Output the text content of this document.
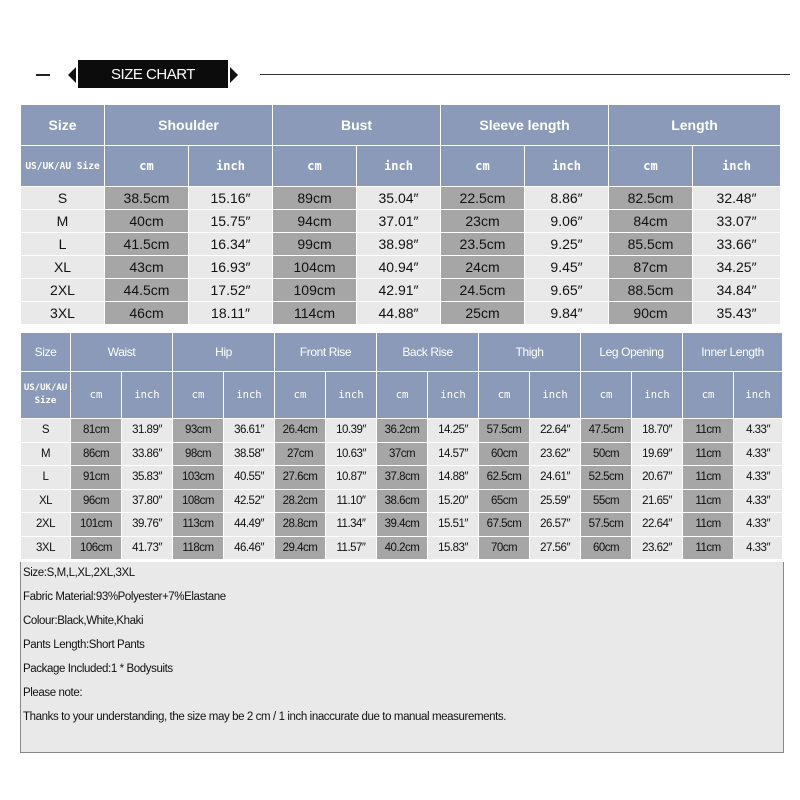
SIZE CHART
Size	Shoulder		Bust		Sleeve length		Length	
US/UK/AU Size	cm	inch	cm	inch	cm	inch	cm	inch
S	38.5cm	15.16″	89cm	35.04″	22.5cm	8.86″	82.5cm	32.48″
M	40cm	15.75″	94cm	37.01″	23cm	9.06″	84cm	33.07″
L	41.5cm	16.34″	99cm	38.98″	23.5cm	9.25″	85.5cm	33.66″
XL	43cm	16.93″	104cm	40.94″	24cm	9.45″	87cm	34.25″
2XL	44.5cm	17.52″	109cm	42.91″	24.5cm	9.65″	88.5cm	34.84″
3XL	46cm	18.11″	114cm	44.88″	25cm	9.84″	90cm	35.43″
Size	Waist		Hip		Front Rise		Back Rise		Thigh		Leg Opening		Inner Length	
US/UK/AU Size	cm	inch	cm	inch	cm	inch	cm	inch	cm	inch	cm	inch	cm	inch
S	81cm	31.89″	93cm	36.61″	26.4cm	10.39″	36.2cm	14.25″	57.5cm	22.64″	47.5cm	18.70″	11cm	4.33″
M	86cm	33.86″	98cm	38.58″	27cm	10.63″	37cm	14.57″	60cm	23.62″	50cm	19.69″	11cm	4.33″
L	91cm	35.83″	103cm	40.55″	27.6cm	10.87″	37.8cm	14.88″	62.5cm	24.61″	52.5cm	20.67″	11cm	4.33″
XL	96cm	37.80″	108cm	42.52″	28.2cm	11.10″	38.6cm	15.20″	65cm	25.59″	55cm	21.65″	11cm	4.33″
2XL	101cm	39.76″	113cm	44.49″	28.8cm	11.34″	39.4cm	15.51″	67.5cm	26.57″	57.5cm	22.64″	11cm	4.33″
3XL	106cm	41.73″	118cm	46.46″	29.4cm	11.57″	40.2cm	15.83″	70cm	27.56″	60cm	23.62″	11cm	4.33″
Size:S,M,L,XL,2XL,3XL
Fabric Material:93%Polyester+7%Elastane
Colour:Black,White,Khaki
Pants Length:Short Pants
Package Included:1 * Bodysuits
Please note:
Thanks to your understanding, the size may be 2 cm / 1 inch inaccurate due to manual measurements.
